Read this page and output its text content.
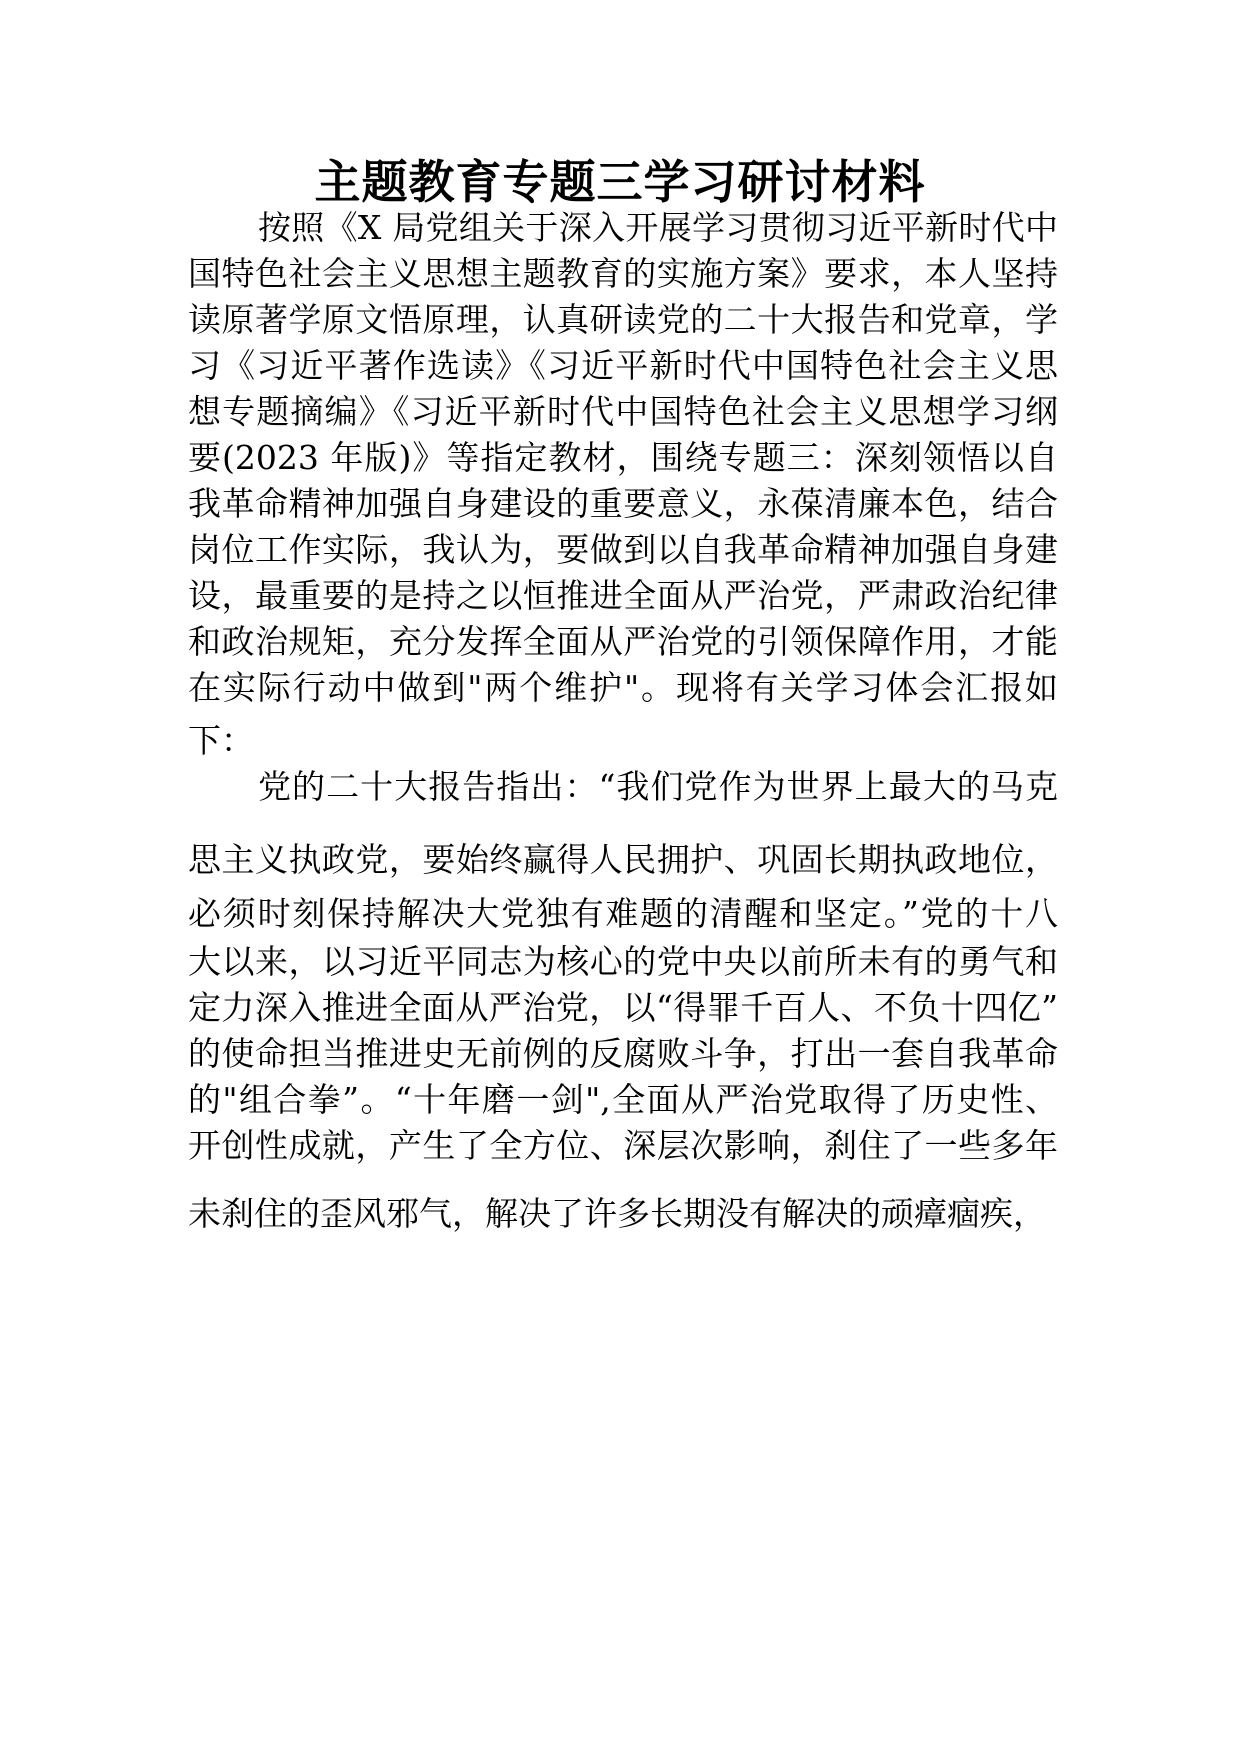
主题教育专题三学习研讨材料
按照《X 局党组关于深入开展学习贯彻习近平新时代中
国特色社会主义思想主题教育的实施方案》要求，本人坚持
读原著学原文悟原理，认真研读党的二十大报告和党章，学
习《习近平著作选读》《习近平新时代中国特色社会主义思
想专题摘编》《习近平新时代中国特色社会主义思想学习纲
要(2023 年版)》等指定教材，围绕专题三：深刻领悟以自
我革命精神加强自身建设的重要意义，永葆清廉本色，结合
岗位工作实际，我认为，要做到以自我革命精神加强自身建
设，最重要的是持之以恒推进全面从严治党，严肃政治纪律
和政治规矩，充分发挥全面从严治党的引领保障作用，才能
在实际行动中做到"两个维护"。现将有关学习体会汇报如
下：
党的二十大报告指出：“我们党作为世界上最大的马克
思主义执政党，要始终赢得人民拥护、巩固长期执政地位，
必须时刻保持解决大党独有难题的清醒和坚定。”党的十八
大以来，以习近平同志为核心的党中央以前所未有的勇气和
定力深入推进全面从严治党，以“得罪千百人、不负十四亿”
的使命担当推进史无前例的反腐败斗争，打出一套自我革命
的"组合拳”。“十年磨一剑",全面从严治党取得了历史性、
开创性成就，产生了全方位、深层次影响，刹住了一些多年
未刹住的歪风邪气，解决了许多长期没有解决的顽瘴痼疾，
